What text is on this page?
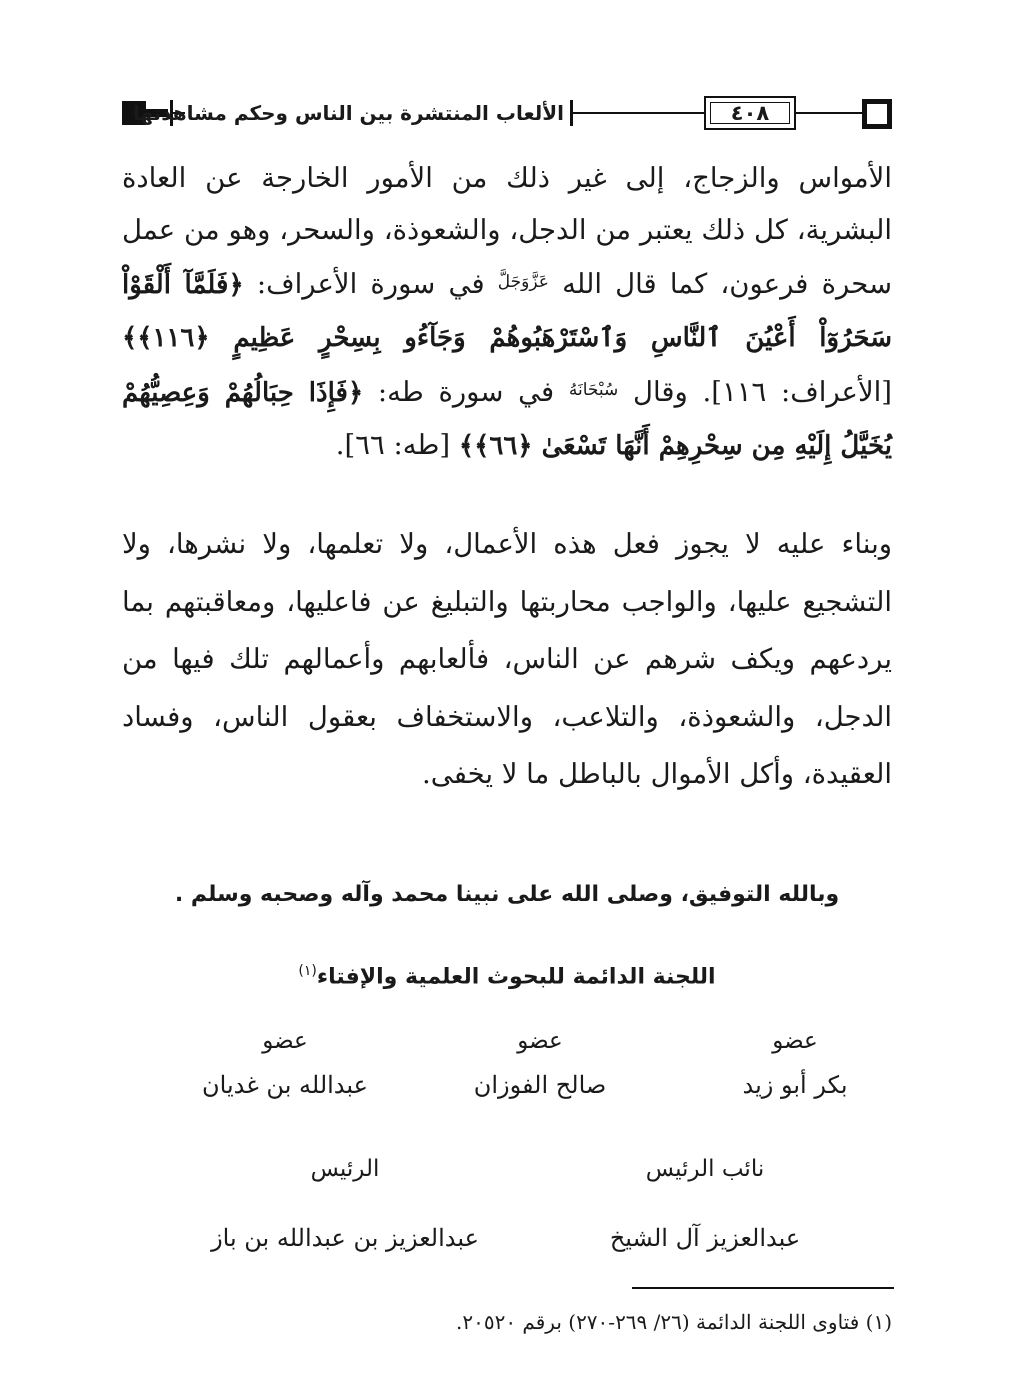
الألعاب المنتشرة بين الناس وحكم مشاهدتها	٤٠٨
الأمواس والزجاج، إلى غير ذلك من الأمور الخارجة عن العادة البشرية، كل ذلك يعتبر من الدجل، والشعوذة، والسحر، وهو من عمل سحرة فرعون، كما قال الله $^{عَزَّوَجَلَّ}$ في سورة الأعراف: ﴿فَلَمَّآ أَلْقَوْاْ سَحَرُوٓاْ أَعْيُنَ ٱلنَّاسِ وَٱسْتَرْهَبُوهُمْ وَجَآءُو بِسِحْرٍ عَظِيمٍ ﴿١١٦﴾﴾ [الأعراف: ١١٦]. وقال $^{سُبْحَانَهُ}$ في سورة طه: ﴿فَإِذَا حِبَالُهُمْ وَعِصِيُّهُمْ يُخَيَّلُ إِلَيْهِ مِن سِحْرِهِمْ أَنَّهَا تَسْعَىٰ ﴿٦٦﴾﴾ [طه: ٦٦].
وبناء عليه لا يجوز فعل هذه الأعمال، ولا تعلمها، ولا نشرها، ولا التشجيع عليها، والواجب محاربتها والتبليغ عن فاعليها، ومعاقبتهم بما يردعهم ويكف شرهم عن الناس، فألعابهم وأعمالهم تلك فيها من الدجل، والشعوذة، والتلاعب، والاستخفاف بعقول الناس، وفساد العقيدة، وأكل الأموال بالباطل ما لا يخفى.
وبالله التوفيق، وصلى الله على نبينا محمد وآله وصحبه وسلم .
اللجنة الدائمة للبحوث العلمية والإفتاء$^{(١)}$
عضو
بكر أبو زيد
عضو
صالح الفوزان
عضو
عبدالله بن غديان
نائب الرئيس
عبدالعزيز آل الشيخ
الرئيس
عبدالعزيز بن عبدالله بن باز
(١) فتاوى اللجنة الدائمة (٢٦/ ٢٦٩-٢٧٠) برقم ٢٠٥٢٠.
